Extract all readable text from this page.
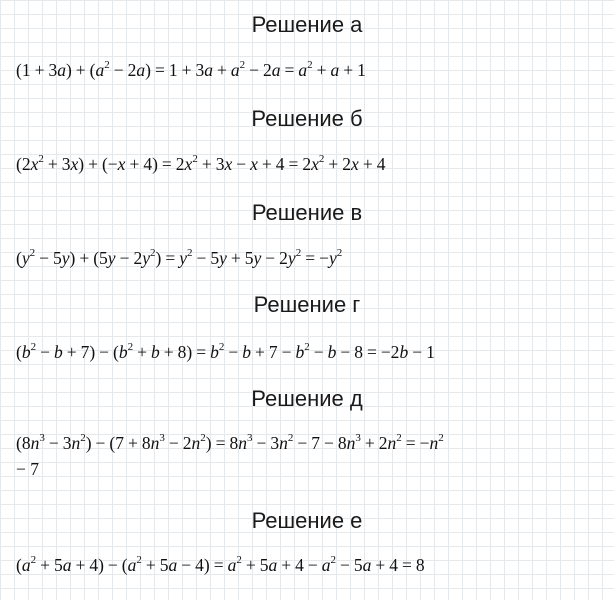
Решение а
$(1 + 3a) + (a^2 - 2a) = 1 + 3a + a^2 - 2a = a^2 + a + 1$
Решение б
$(2x^2 + 3x) + (-x + 4) = 2x^2 + 3x - x + 4 = 2x^2 + 2x + 4$
Решение в
$(y^2 - 5y) + (5y - 2y^2) = y^2 - 5y + 5y - 2y^2 = -y^2$
Решение г
$(b^2 - b + 7) - (b^2 + b + 8) = b^2 - b + 7 - b^2 - b - 8 = -2b - 1$
Решение д
$(8n^3 - 3n^2) - (7 + 8n^3 - 2n^2) = 8n^3 - 3n^2 - 7 - 8n^3 + 2n^2 = -n^2$
− 7
Решение е
$(a^2 + 5a + 4) - (a^2 + 5a - 4) = a^2 + 5a + 4 - a^2 - 5a + 4 = 8$
